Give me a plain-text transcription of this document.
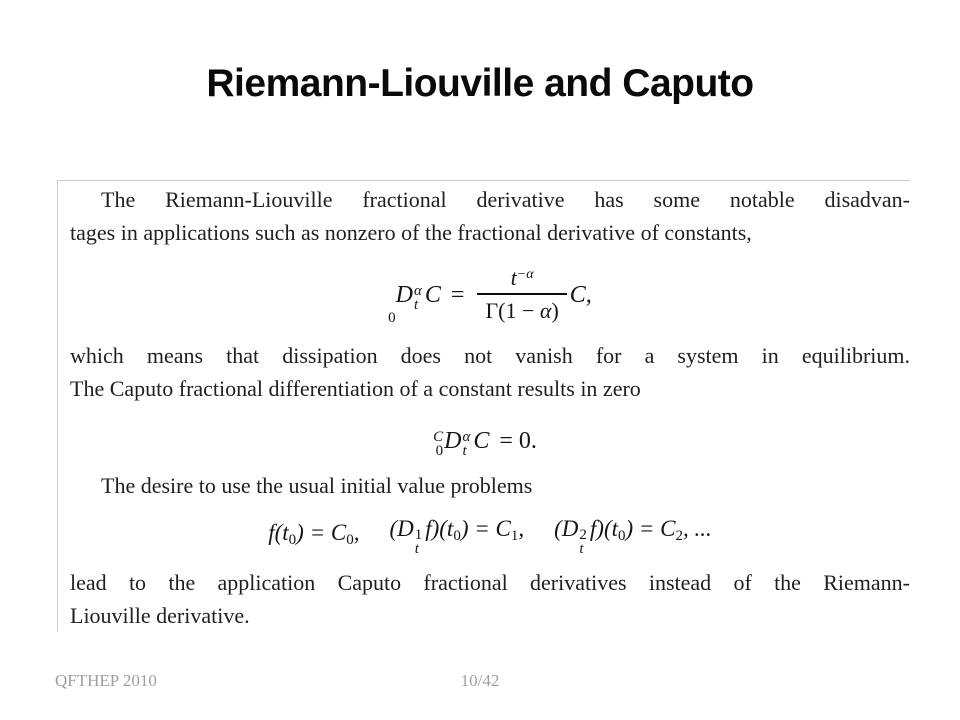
Riemann-Liouville and Caputo

The Riemann-Liouville fractional derivative has some notable disadvan-
tages in applications such as nonzero of the fractional derivative of constants,

0
D α
t $C = \frac{t^{-\alpha}}{\Gamma(1 - \alpha)} C$,

which means that dissipation does not vanish for a system in equilibrium.
The Caputo fractional differentiation of a constant results in zero

C
0 D α
t C = 0.

The desire to use the usual initial value problems

f(t0) = C0, (D 1
t
f)(t0) = C1, (D 2
t
f)(t0) = C2, ...

lead to the application Caputo fractional derivatives instead of the Riemann-
Liouville derivative.

QFTHEP 2010	10/42
